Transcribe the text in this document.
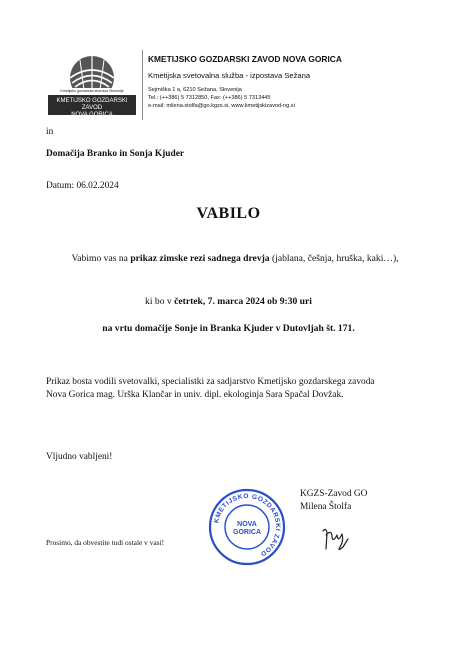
Kmetijsko gozdarska zbornica Slovenije
KMETIJSKO GOZDARSKI ZAVOD
NOVA GORICA
KMETIJSKO GOZDARSKI ZAVOD NOVA GORICA
Kmetijska svetovalna služba - izpostava Sežana
Sejmiška 1 a, 6210 Sežana, Slovenija
Tel.: (++386) 5 7312850, Fax: (++386) 5 7313445
e-mail: milena.stolfa@go.kgzs.si, www.kmetijskizavod-ng.si
in
Domačija Branko in Sonja Kjuder
Datum: 06.02.2024
VABILO
Vabimo vas na prikaz zimske rezi sadnega drevja (jablana, češnja, hruška, kaki…),
ki bo v četrtek, 7. marca 2024 ob 9:30 uri
na vrtu domačije Sonje in Branka Kjuder v Dutovljah št. 171.
Prikaz bosta vodili svetovalki, specialistki za sadjarstvo Kmetijsko gozdarskega zavoda Nova Gorica mag. Urška Klančar in univ. dipl. ekologinja Sara Spačal Dovžak.
Vljudno vabljeni!
KGZS-Zavod GO
Milena Štolfa
KMETIJSKO GOZDARSKI ZAVOD
NOVA
GORICA
Prosimo, da obvestite tudi ostale v vasi!
